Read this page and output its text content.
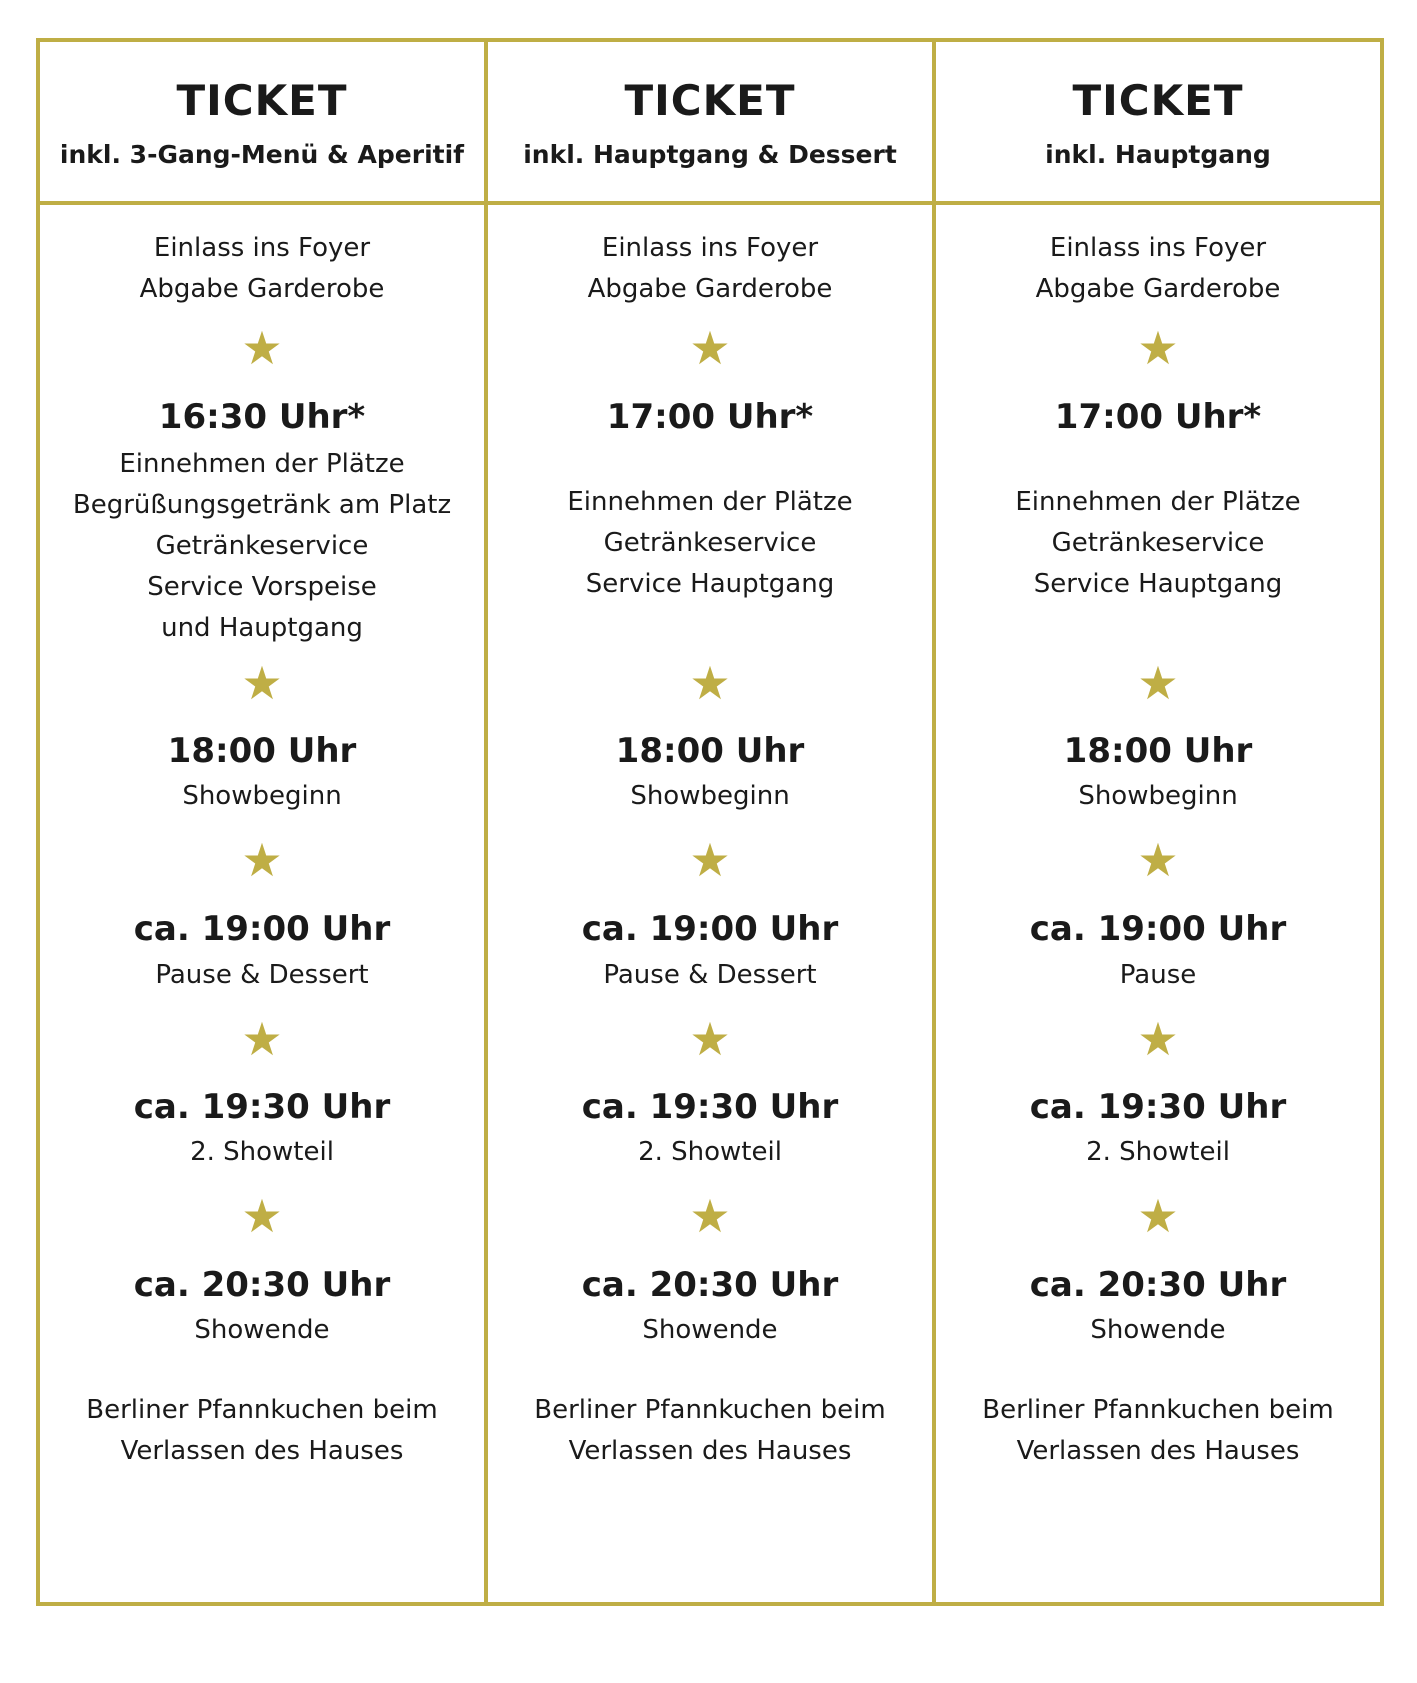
TICKET
inkl. 3-Gang-Menü & Aperitif
Einlass ins Foyer
Abgabe Garderobe
★
16:30 Uhr*
Einnehmen der Plätze
Begrüßungsgetränk am Platz
Getränkeservice
Service Vorspeise
und Hauptgang
★
18:00 Uhr
Showbeginn
★
ca. 19:00 Uhr
Pause & Dessert
★
ca. 19:30 Uhr
2. Showteil
★
ca. 20:30 Uhr
Showende
Berliner Pfannkuchen beim
Verlassen des Hauses
TICKET
inkl. Hauptgang & Dessert
Einlass ins Foyer
Abgabe Garderobe
★
17:00 Uhr*
Einnehmen der Plätze
Getränkeservice
Service Hauptgang
★
18:00 Uhr
Showbeginn
★
ca. 19:00 Uhr
Pause & Dessert
★
ca. 19:30 Uhr
2. Showteil
★
ca. 20:30 Uhr
Showende
Berliner Pfannkuchen beim
Verlassen des Hauses
TICKET
inkl. Hauptgang
Einlass ins Foyer
Abgabe Garderobe
★
17:00 Uhr*
Einnehmen der Plätze
Getränkeservice
Service Hauptgang
★
18:00 Uhr
Showbeginn
★
ca. 19:00 Uhr
Pause
★
ca. 19:30 Uhr
2. Showteil
★
ca. 20:30 Uhr
Showende
Berliner Pfannkuchen beim
Verlassen des Hauses
